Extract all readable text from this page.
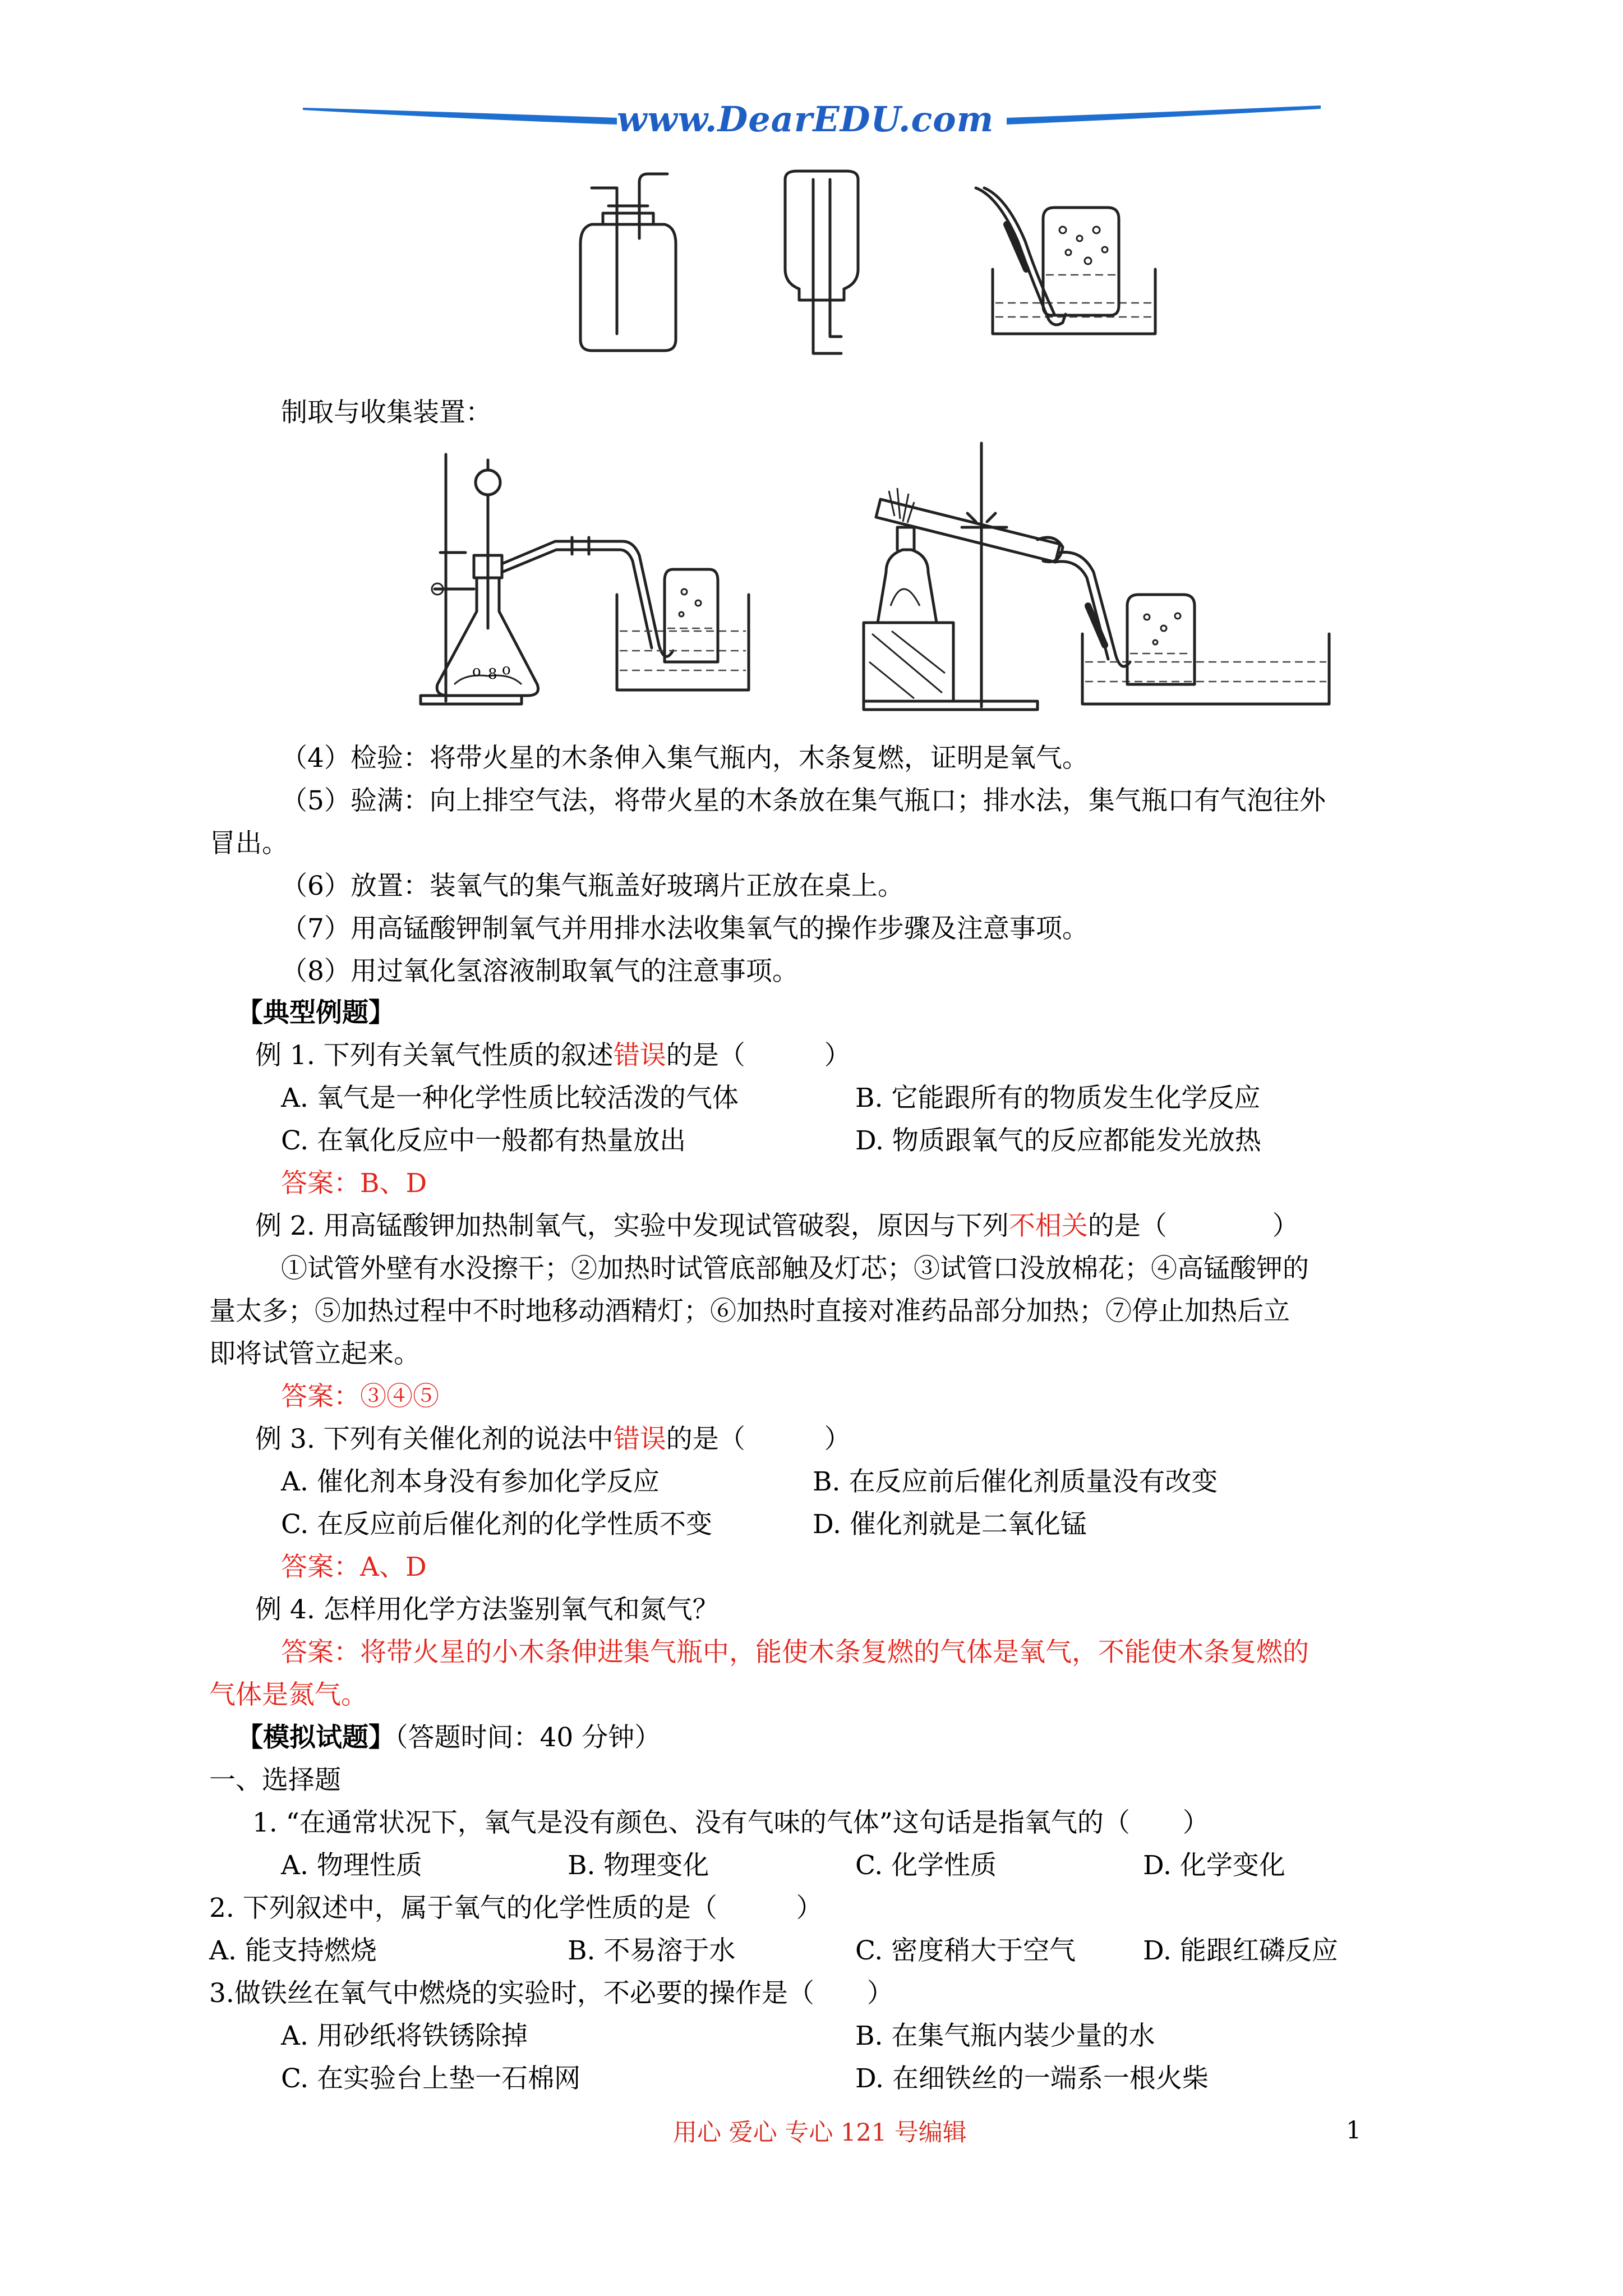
www.DearEDU.com
制取与收集装置：
o 8 o
（4）检验：将带火星的木条伸入集气瓶内，木条复燃，证明是氧气。
（5）验满：向上排空气法，将带火星的木条放在集气瓶口；排水法，集气瓶口有气泡往外
冒出。
（6）放置：装氧气的集气瓶盖好玻璃片正放在桌上。
（7）用高锰酸钾制氧气并用排水法收集氧气的操作步骤及注意事项。
（8）用过氧化氢溶液制取氧气的注意事项。
【典型例题】
例 1. 下列有关氧气性质的叙述错误的是（　　　）
A. 氧气是一种化学性质比较活泼的气体	B. 它能跟所有的物质发生化学反应
C. 在氧化反应中一般都有热量放出	D. 物质跟氧气的反应都能发光放热
答案：B、D
例 2. 用高锰酸钾加热制氧气，实验中发现试管破裂，原因与下列不相关的是（　　　　）
①试管外壁有水没擦干；②加热时试管底部触及灯芯；③试管口没放棉花；④高锰酸钾的
量太多；⑤加热过程中不时地移动酒精灯；⑥加热时直接对准药品部分加热；⑦停止加热后立
即将试管立起来。
答案：③④⑤
例 3. 下列有关催化剂的说法中错误的是（　　　）
A. 催化剂本身没有参加化学反应	B. 在反应前后催化剂质量没有改变
C. 在反应前后催化剂的化学性质不变	D. 催化剂就是二氧化锰
答案：A、D
例 4. 怎样用化学方法鉴别氧气和氮气？
答案：将带火星的小木条伸进集气瓶中，能使木条复燃的气体是氧气，不能使木条复燃的
气体是氮气。
【模拟试题】（答题时间：40 分钟）
一、选择题
1. “在通常状况下，氧气是没有颜色、没有气味的气体”这句话是指氧气的（　　）
A. 物理性质	B. 物理变化	C. 化学性质	D. 化学变化
2. 下列叙述中，属于氧气的化学性质的是（　　　）
A. 能支持燃烧	B. 不易溶于水	C. 密度稍大于空气	D. 能跟红磷反应
3.做铁丝在氧气中燃烧的实验时，不必要的操作是（　　）
A. 用砂纸将铁锈除掉	B. 在集气瓶内装少量的水
C. 在实验台上垫一石棉网	D. 在细铁丝的一端系一根火柴
用心 爱心 专心 121 号编辑	1
